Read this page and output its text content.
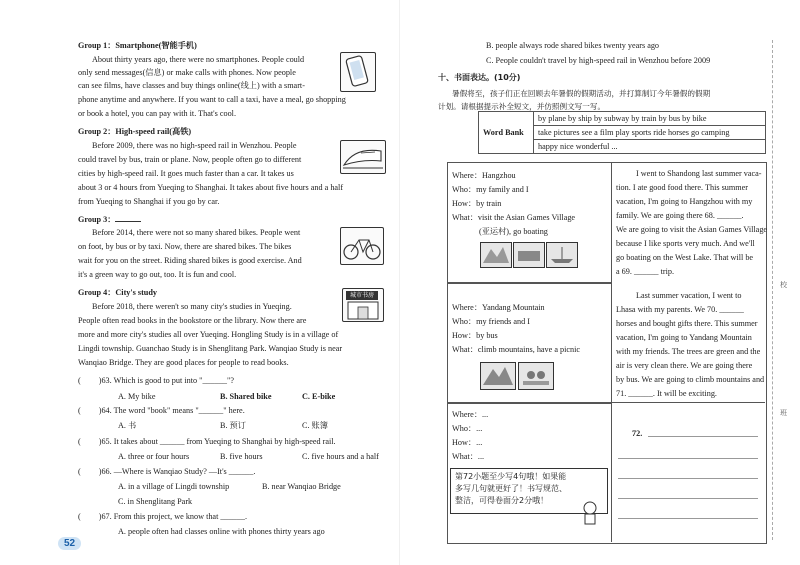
Group 1：Smartphone(智能手机)
About thirty years ago, there were no smartphones. People could
only send messages(信息) or make calls with phones. Now people
can see films, have classes and buy things online(线上) with a smart-
phone anytime and anywhere. If you want to call a taxi, have a meal, go shopping
or book a hotel, you can pay with it. That's cool.
Group 2：High-speed rail(高铁)
Before 2009, there was no high-speed rail in Wenzhou. People
could travel by bus, train or plane. Now, people often go to different
cities by high-speed rail. It goes much faster than a car. It takes us
about 3 or 4 hours from Yueqing to Shanghai. It takes about five hours and a half
from Yueqing to Shanghai if you go by car.
Group 3：
Before 2014, there were not so many shared bikes. People went
on foot, by bus or by taxi. Now, there are shared bikes. The bikes
wait for you on the street. Riding shared bikes is good exercise. And
it's a green way to go out, too. It is fun and cool.
Group 4：City's study
Before 2018, there weren't so many city's studies in Yueqing.
People often read books in the bookstore or the library. Now there are
more and more city's studies all over Yueqing. Hongling Study is in a village of
Lingdi township. Guanchao Study is in Shenglitang Park. Wanqiao Study is near
Wanqiao Bridge. They are good places for people to read books.
城市书房
( )63. Which is good to put into "______"?
A. My bike	B. Shared bike	C. E-bike
( )64. The word "book" means "______" here.
A. 书	B. 预订	C. 账簿
( )65. It takes about ______ from Yueqing to Shanghai by high-speed rail.
A. three or four hours	B. five hours	C. five hours and a half
( )66. —Where is Wanqiao Study? —It's ______.
A. in a village of Lingdi township	B. near Wanqiao Bridge
C. in Shenglitang Park
( )67. From this project, we know that ______.
A. people often had classes online with phones thirty years ago
52
B. people always rode shared bikes twenty years ago
C. People couldn't travel by high-speed rail in Wenzhou before 2009
十、书面表达。(10分)
暑假将至，孩子们正在回顾去年暑假的假期活动，并打算制订今年暑假的假期
计划。请根据提示补全短文，并仿照例文写一写。
Word Bank	by plane by ship by subway by train by bus by bike
take pictures see a film play sports ride horses go camping
happy nice wonderful ...
Where：Hangzhou
Who：my family and I
How：by train
What：visit the Asian Games Village
(亚运村), go boating
I went to Shandong last summer vaca-
tion. I ate good food there. This summer
vacation, I'm going to Hangzhou with my
family. We are going there 68. ______.
We are going to visit the Asian Games Village
because I like sports very much. And we'll
go boating on the West Lake. That will be
a 69. ______ trip.
Where：Yandang Mountain
Who：my friends and I
How：by bus
What：climb mountains, have a picnic
Last summer vacation, I went to
Lhasa with my parents. We 70. ______
horses and bought gifts there. This summer
vacation, I'm going to Yandang Mountain
with my friends. The trees are green and the
air is very clean there. We are going there
by bus. We are going to climb mountains and
71. ______. It will be exciting.
Where：...
Who：...
How：...
What：...
第72小题至少写4句哦！如果能
多写几句就更好了！书写规范、
整洁，可得卷面分2分哦！
72.
校
班
